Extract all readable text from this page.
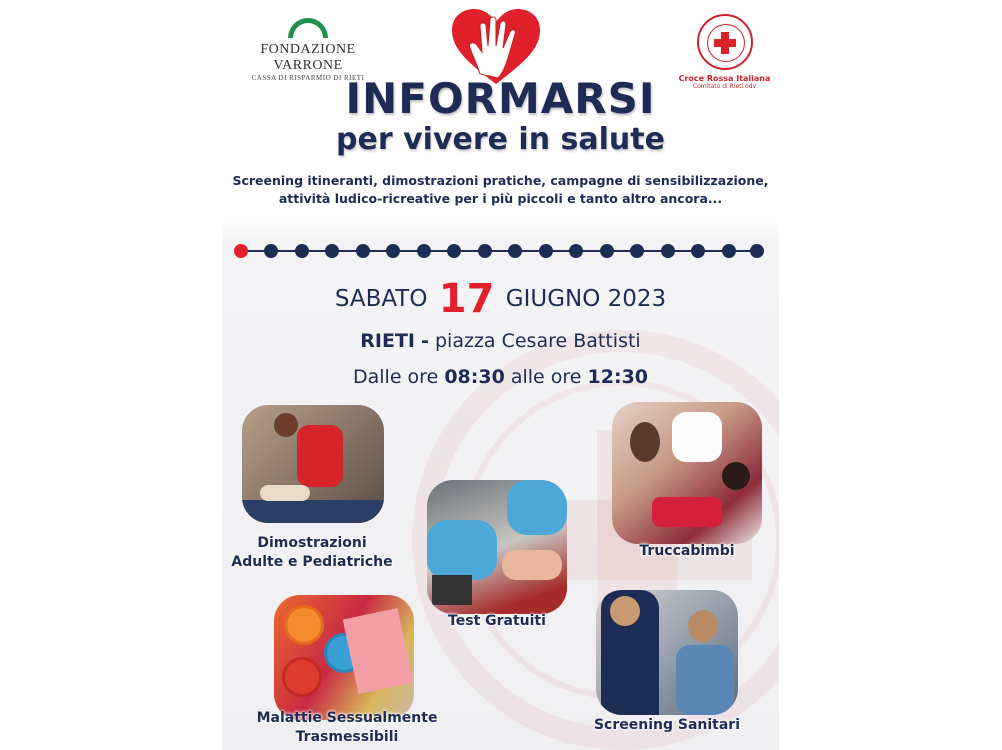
FONDAZIONE VARRONE
CASSA DI RISPARMIO DI RIETI	Croce Rossa Italiana
Comitato di Rieti odv
INFORMARSI
per vivere in salute
Screening itineranti, dimostrazioni pratiche, campagne di sensibilizzazione,
attività ludico-ricreative per i più piccoli e tanto altro ancora...
SABATO 17 GIUGNO 2023
RIETI - piazza Cesare Battisti
Dalle ore 08:30 alle ore 12:30
Dimostrazioni
Adulte e Pediatriche
Test Gratuiti
Truccabimbi
Malattie Sessualmente
Trasmessibili
Screening Sanitari
